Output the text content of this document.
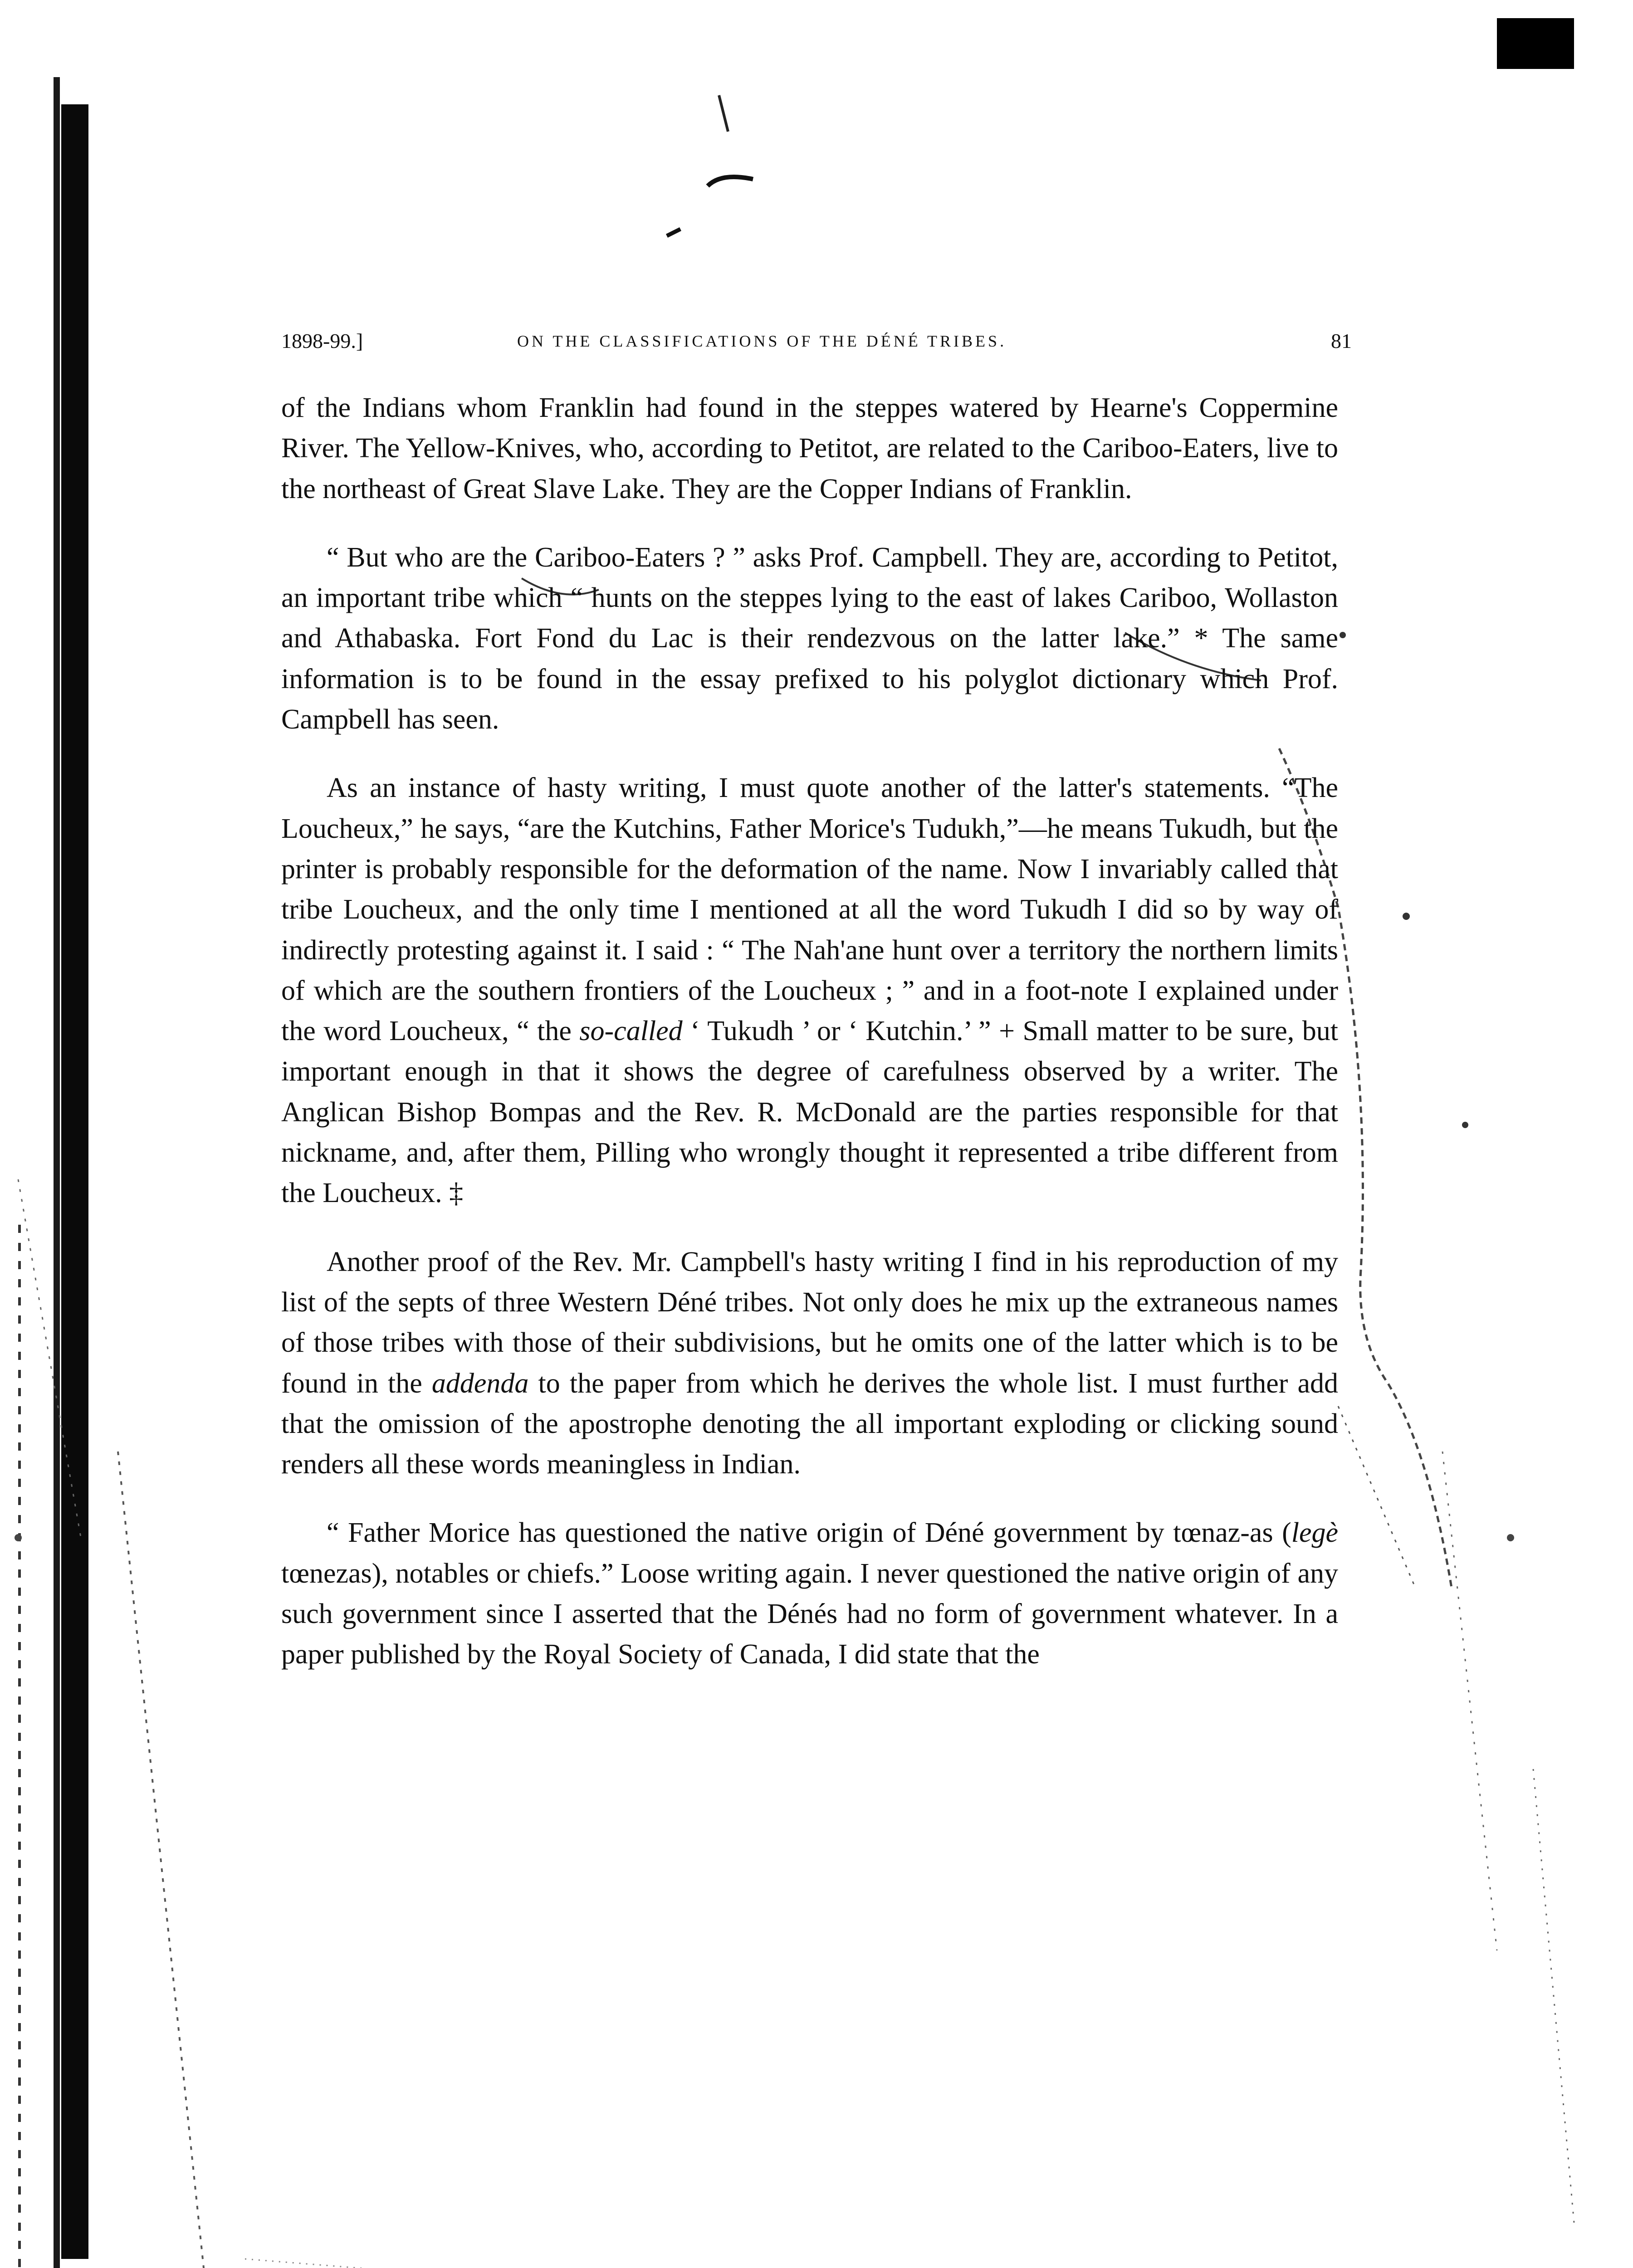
1898-99.]	ON THE CLASSIFICATIONS OF THE DÉNÉ TRIBES.	81

of the Indians whom Franklin had found in the steppes watered by Hearne's Coppermine River. The Yellow-Knives, who, according to Petitot, are related to the Cariboo-Eaters, live to the northeast of Great Slave Lake. They are the Copper Indians of Franklin.

“ But who are the Cariboo-Eaters ? ” asks Prof. Campbell. They are, according to Petitot, an important tribe which “ hunts on the steppes lying to the east of lakes Cariboo, Wollaston and Athabaska. Fort Fond du Lac is their rendezvous on the latter lake.” * The same information is to be found in the essay prefixed to his polyglot dictionary which Prof. Campbell has seen.

As an instance of hasty writing, I must quote another of the latter's statements. “The Loucheux,” he says, “are the Kutchins, Father Morice's Tudukh,”—he means Tukudh, but the printer is probably responsible for the deformation of the name. Now I invariably called that tribe Loucheux, and the only time I mentioned at all the word Tukudh I did so by way of indirectly protesting against it. I said : “ The Nah'ane hunt over a territory the northern limits of which are the southern frontiers of the Loucheux ; ” and in a foot-note I explained under the word Loucheux, “ the so-called ‘ Tukudh ’ or ‘ Kutchin.’ ” + Small matter to be sure, but important enough in that it shows the degree of carefulness observed by a writer. The Anglican Bishop Bompas and the Rev. R. McDonald are the parties responsible for that nickname, and, after them, Pilling who wrongly thought it represented a tribe different from the Loucheux. ‡

Another proof of the Rev. Mr. Campbell's hasty writing I find in his reproduction of my list of the septs of three Western Déné tribes. Not only does he mix up the extraneous names of those tribes with those of their subdivisions, but he omits one of the latter which is to be found in the addenda to the paper from which he derives the whole list. I must further add that the omission of the apostrophe denoting the all important exploding or clicking sound renders all these words meaningless in Indian.

“ Father Morice has questioned the native origin of Déné government by tœnaz-as (legè tœnezas), notables or chiefs.” Loose writing again. I never questioned the native origin of any such government since I asserted that the Dénés had no form of government whatever. In a paper published by the Royal Society of Canada, I did state that the
